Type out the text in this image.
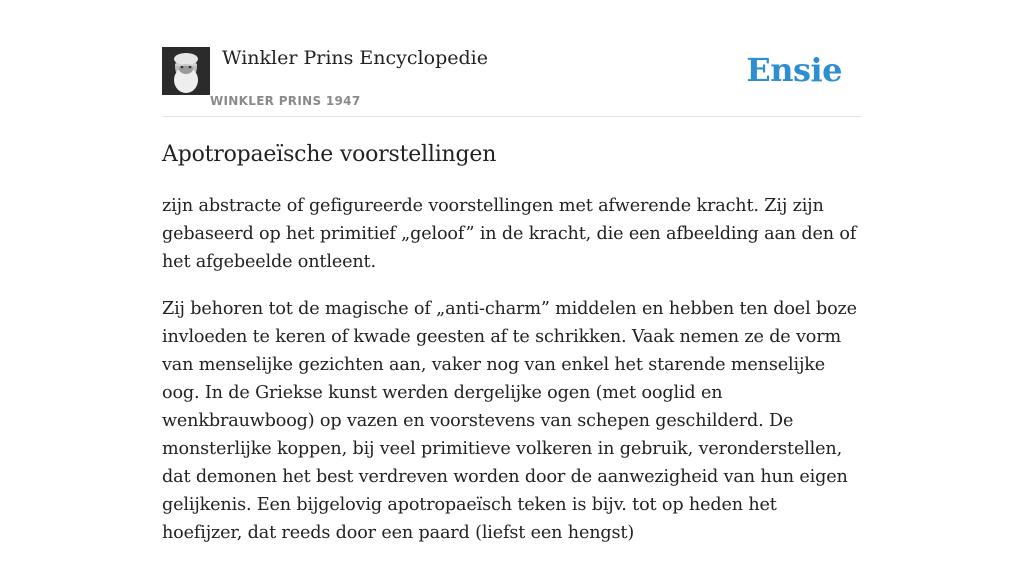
Winkler Prins Encyclopedie
WINKLER PRINS 1947
Ensie
Apotropaeïsche voorstellingen

zijn abstracte of gefigureerde voorstellingen met afwerende kracht. Zij zijn gebaseerd op het primitief „geloof” in de kracht, die een afbeelding aan den of het afgebeelde ontleent.

Zij behoren tot de magische of „anti-charm” middelen en hebben ten doel boze invloeden te keren of kwade geesten af te schrikken. Vaak nemen ze de vorm van menselijke gezichten aan, vaker nog van enkel het starende menselijke oog. In de Griekse kunst werden dergelijke ogen (met ooglid en wenkbrauwboog) op vazen en voorstevens van schepen geschilderd. De monsterlijke koppen, bij veel primitieve volkeren in gebruik, veronderstellen, dat demonen het best verdreven worden door de aanwezigheid van hun eigen gelijkenis. Een bijgelovig apotropaeïsch teken is bijv. tot op heden het hoefijzer, dat reeds door een paard (liefst een hengst)
